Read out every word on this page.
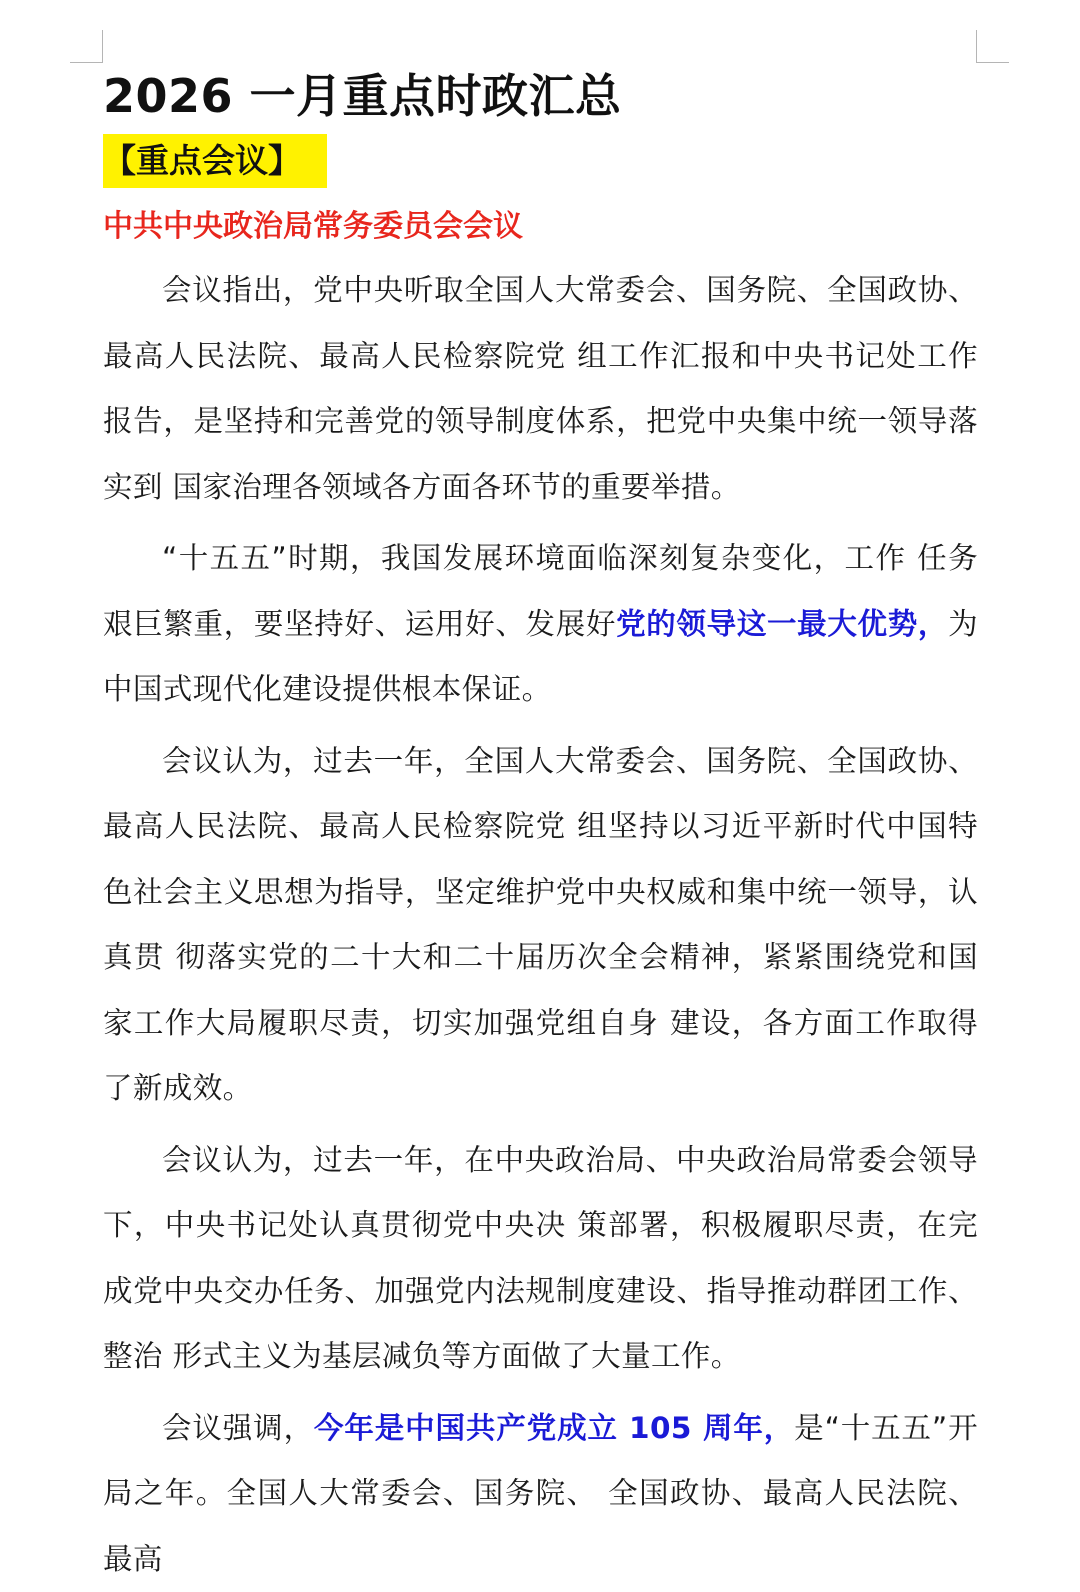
2026 一月重点时政汇总
【重点会议】
中共中央政治局常务委员会会议

会议指出，党中央听取全国人大常委会、国务院、全国政协、最高人民法院、最高人民检察院党 组工作汇报和中央书记处工作报告，是坚持和完善党的领导制度体系，把党中央集中统一领导落实到 国家治理各领域各方面各环节的重要举措。

“十五五”时期，我国发展环境面临深刻复杂变化，工作 任务艰巨繁重，要坚持好、运用好、发展好党的领导这一最大优势，为中国式现代化建设提供根本保证。

会议认为，过去一年，全国人大常委会、国务院、全国政协、最高人民法院、最高人民检察院党 组坚持以习近平新时代中国特色社会主义思想为指导，坚定维护党中央权威和集中统一领导，认真贯 彻落实党的二十大和二十届历次全会精神，紧紧围绕党和国家工作大局履职尽责，切实加强党组自身 建设，各方面工作取得了新成效。

会议认为，过去一年，在中央政治局、中央政治局常委会领导下，中央书记处认真贯彻党中央决 策部署，积极履职尽责，在完成党中央交办任务、加强党内法规制度建设、指导推动群团工作、整治 形式主义为基层减负等方面做了大量工作。

会议强调，今年是中国共产党成立 105 周年，是“十五五”开局之年。全国人大常委会、国务院、 全国政协、最高人民法院、最高
